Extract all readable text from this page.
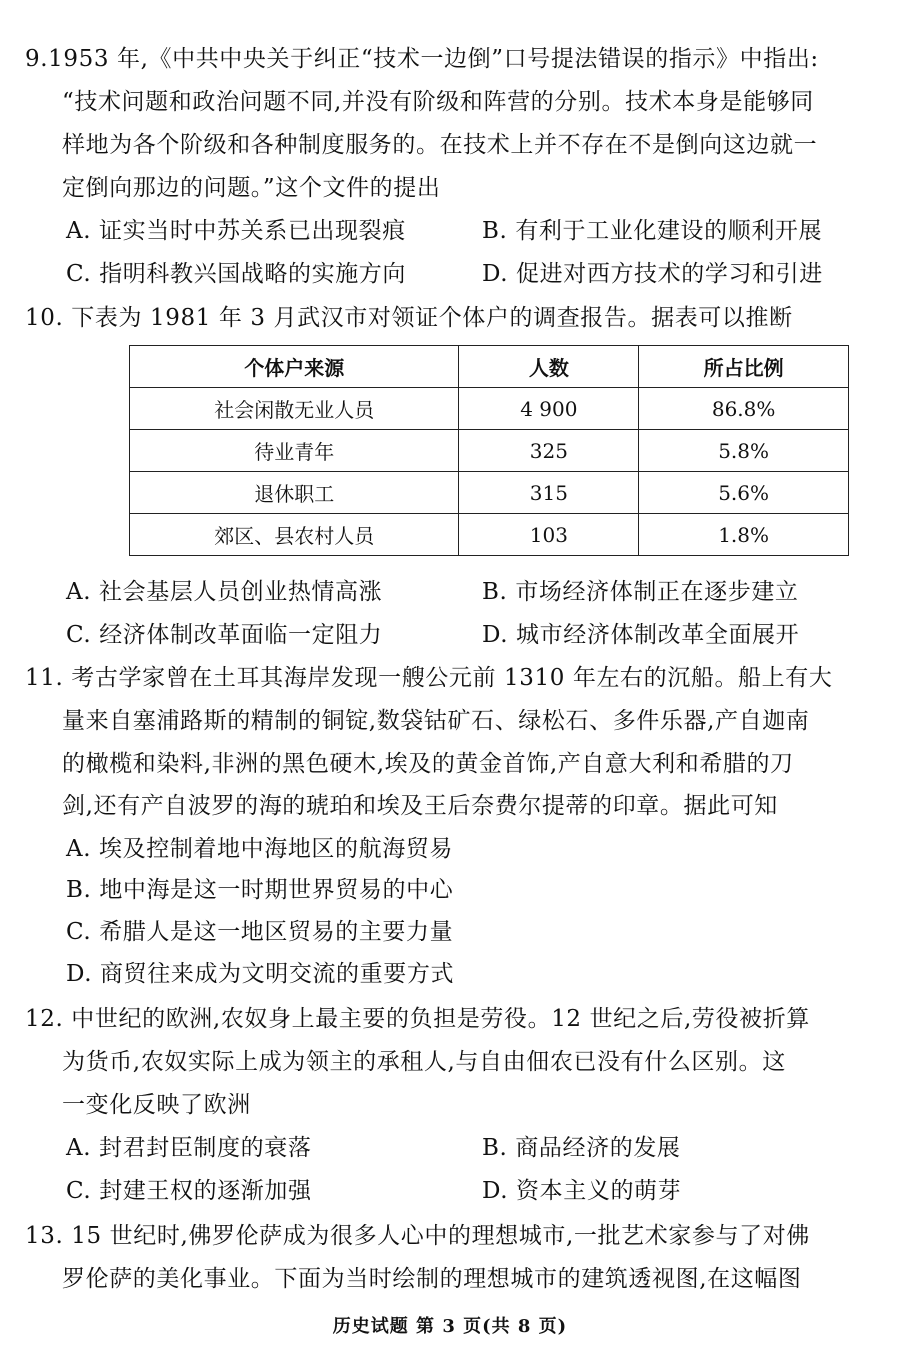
9.1953 年,《中共中央关于纠正“技术一边倒”口号提法错误的指示》中指出:
“技术问题和政治问题不同,并没有阶级和阵营的分别。技术本身是能够同
样地为各个阶级和各种制度服务的。在技术上并不存在不是倒向这边就一
定倒向那边的问题。”这个文件的提出
A. 证实当时中苏关系已出现裂痕	B. 有利于工业化建设的顺利开展
C. 指明科教兴国战略的实施方向	D. 促进对西方技术的学习和引进
10. 下表为 1981 年 3 月武汉市对领证个体户的调查报告。据表可以推断
个体户来源	人数	所占比例
社会闲散无业人员	4 900	86.8%
待业青年	325	5.8%
退休职工	315	5.6%
郊区、县农村人员	103	1.8%
A. 社会基层人员创业热情高涨	B. 市场经济体制正在逐步建立
C. 经济体制改革面临一定阻力	D. 城市经济体制改革全面展开
11. 考古学家曾在土耳其海岸发现一艘公元前 1310 年左右的沉船。船上有大
量来自塞浦路斯的精制的铜锭,数袋钴矿石、绿松石、多件乐器,产自迦南
的橄榄和染料,非洲的黑色硬木,埃及的黄金首饰,产自意大利和希腊的刀
剑,还有产自波罗的海的琥珀和埃及王后奈费尔提蒂的印章。据此可知
A. 埃及控制着地中海地区的航海贸易
B. 地中海是这一时期世界贸易的中心
C. 希腊人是这一地区贸易的主要力量
D. 商贸往来成为文明交流的重要方式
12. 中世纪的欧洲,农奴身上最主要的负担是劳役。12 世纪之后,劳役被折算
为货币,农奴实际上成为领主的承租人,与自由佃农已没有什么区别。这
一变化反映了欧洲
A. 封君封臣制度的衰落	B. 商品经济的发展
C. 封建王权的逐渐加强	D. 资本主义的萌芽
13. 15 世纪时,佛罗伦萨成为很多人心中的理想城市,一批艺术家参与了对佛
罗伦萨的美化事业。下面为当时绘制的理想城市的建筑透视图,在这幅图
历史试题 第 3 页(共 8 页)
